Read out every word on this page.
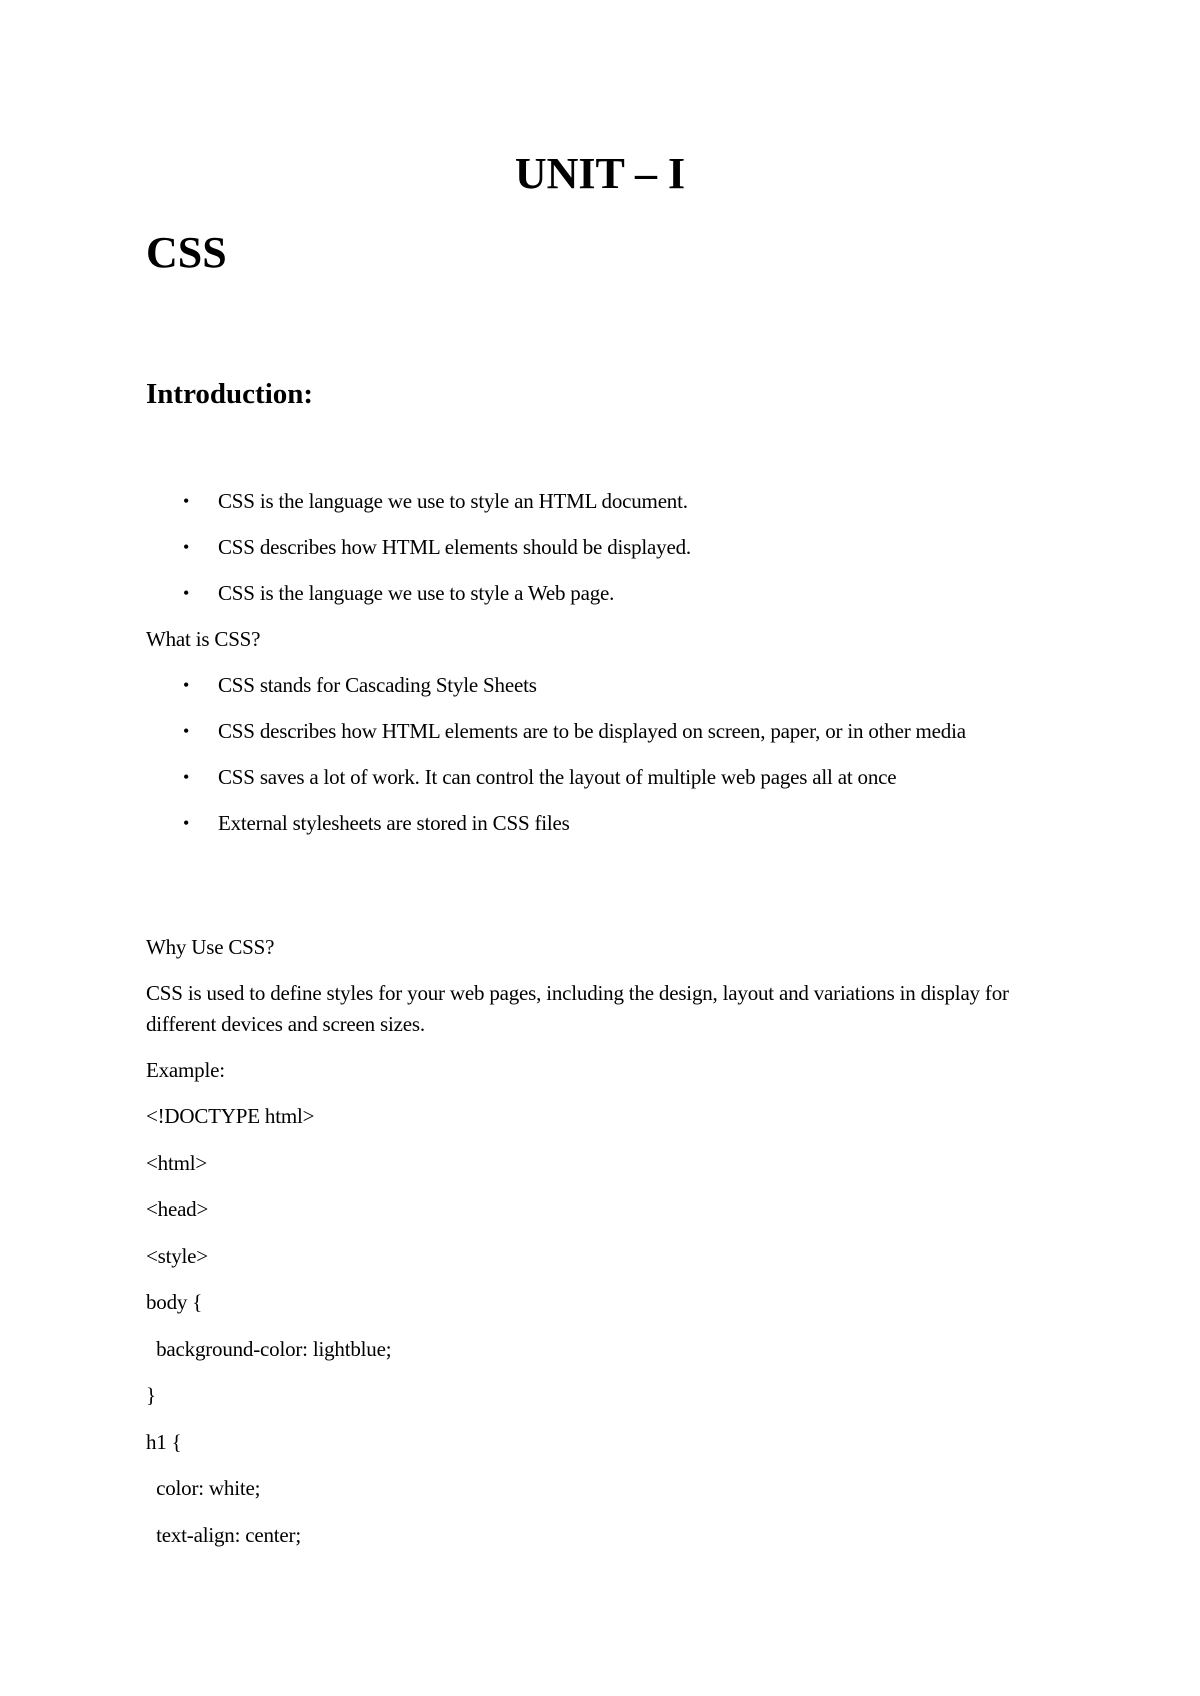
UNIT – I
CSS
Introduction:
• CSS is the language we use to style an HTML document.
• CSS describes how HTML elements should be displayed.
• CSS is the language we use to style a Web page.

What is CSS?

• CSS stands for Cascading Style Sheets
• CSS describes how HTML elements are to be displayed on screen, paper, or in other media
• CSS saves a lot of work. It can control the layout of multiple web pages all at once
• External stylesheets are stored in CSS files

Why Use CSS?

CSS is used to define styles for your web pages, including the design, layout and variations in display for different devices and screen sizes.

Example:

<!DOCTYPE html>

<html>

<head>

<style>

body {

background-color: lightblue;

}

h1 {

color: white;

text-align: center;
